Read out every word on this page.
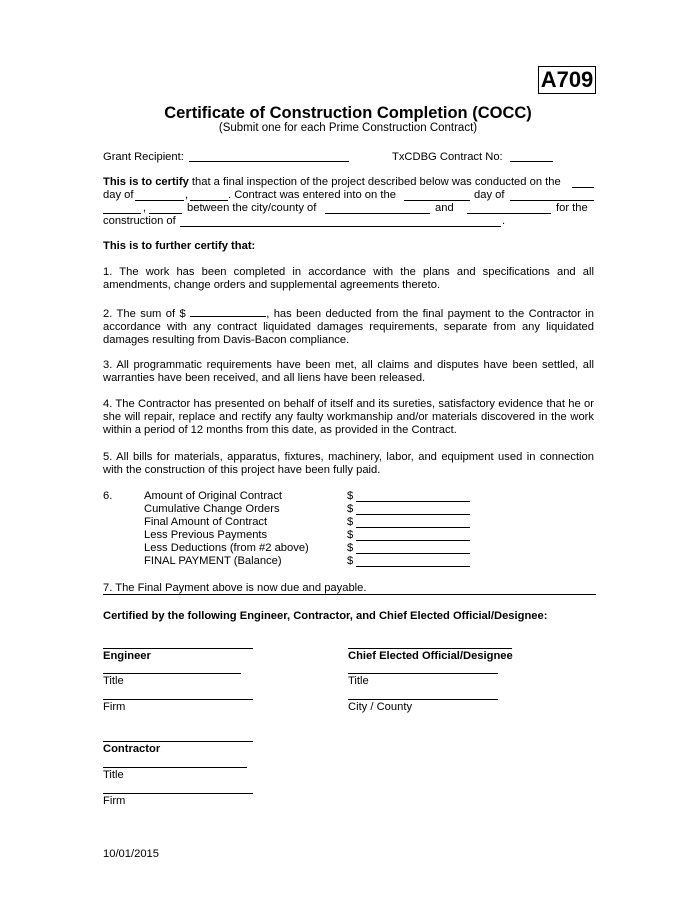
A709
Certificate of Construction Completion (COCC)
(Submit one for each Prime Construction Contract)
Grant Recipient:	TxCDBG Contract No:
This is to certify that a final inspection of the project described below was conducted on the
day of	,	. Contract was entered into on the	day of
,	between the city/county of	and	for the
construction of	.
This is to further certify that:
1. The work has been completed in accordance with the plans and specifications and all amendments, change orders and supplemental agreements thereto.
2. The sum of $	, has been deducted from the final payment to the Contractor in accordance with any contract liquidated damages requirements, separate from any liquidated damages resulting from Davis-Bacon compliance.
3. All programmatic requirements have been met, all claims and disputes have been settled, all warranties have been received, and all liens have been released.
4. The Contractor has presented on behalf of itself and its sureties, satisfactory evidence that he or she will repair, replace and rectify any faulty workmanship and/or materials discovered in the work within a period of 12 months from this date, as provided in the Contract.
5. All bills for materials, apparatus, fixtures, machinery, labor, and equipment used in connection with the construction of this project have been fully paid.
6.	Amount of Original Contract	$
Cumulative Change Orders	$
Final Amount of Contract	$
Less Previous Payments	$
Less Deductions (from #2 above)	$
FINAL PAYMENT (Balance)	$
7. The Final Payment above is now due and payable.
Certified by the following Engineer, Contractor, and Chief Elected Official/Designee:
Engineer
Title
Firm
Chief Elected Official/Designee
Title
City / County
Contractor
Title
Firm
10/01/2015
